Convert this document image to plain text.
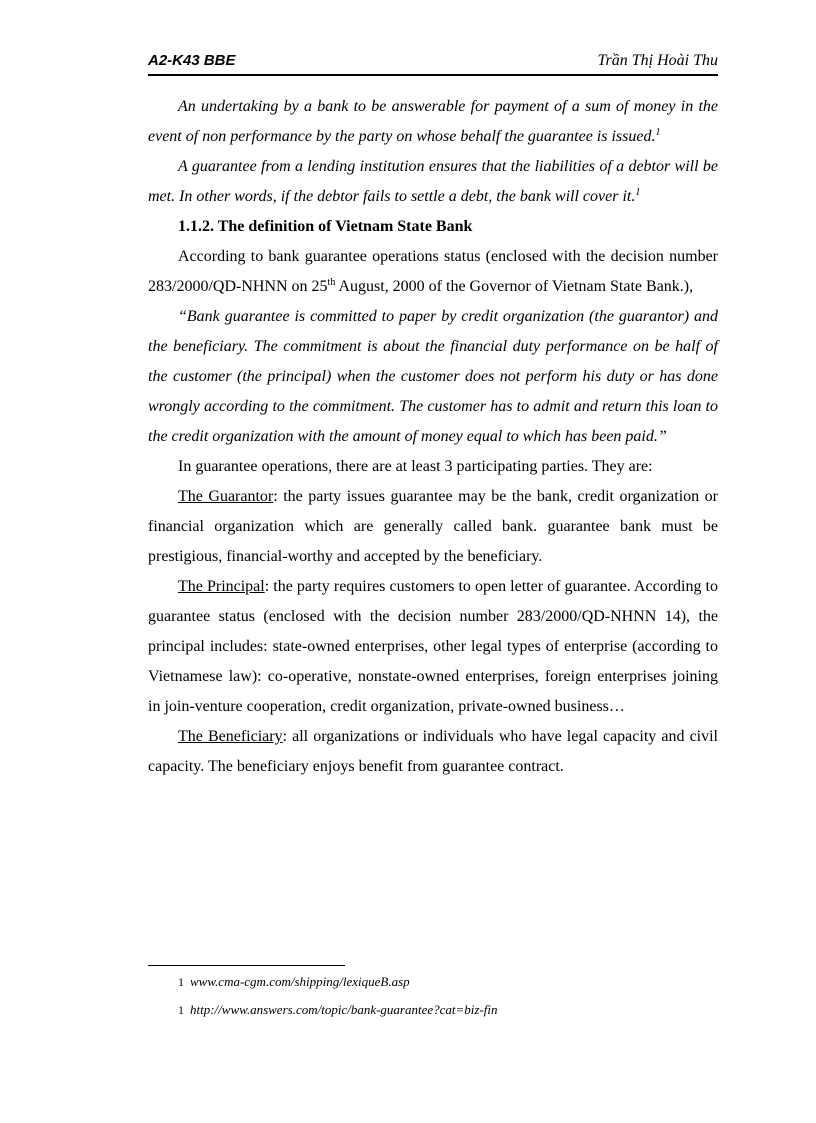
A2-K43 BBE	Trần Thị Hoài Thu

An undertaking by a bank to be answerable for payment of a sum of money in the event of non performance by the party on whose behalf the guarantee is issued.$^1$

A guarantee from a lending institution ensures that the liabilities of a debtor will be met. In other words, if the debtor fails to settle a debt, the bank will cover it.$^1$

1.1.2. The definition of Vietnam State Bank

According to bank guarantee operations status (enclosed with the decision number 283/2000/QD-NHNN on 25th August, 2000 of the Governor of Vietnam State Bank.),

“Bank guarantee is committed to paper by credit organization (the guarantor) and the beneficiary. The commitment is about the financial duty performance on be half of the customer (the principal) when the customer does not perform his duty or has done wrongly according to the commitment. The customer has to admit and return this loan to the credit organization with the amount of money equal to which has been paid.”

In guarantee operations, there are at least 3 participating parties. They are:

The Guarantor: the party issues guarantee may be the bank, credit organization or financial organization which are generally called bank. guarantee bank must be prestigious, financial-worthy and accepted by the beneficiary.

The Principal: the party requires customers to open letter of guarantee. According to guarantee status (enclosed with the decision number 283/2000/QD-NHNN 14), the principal includes: state-owned enterprises, other legal types of enterprise (according to Vietnamese law): co-operative, nonstate-owned enterprises, foreign enterprises joining in join-venture cooperation, credit organization, private-owned business…

The Beneficiary: all organizations or individuals who have legal capacity and civil capacity. The beneficiary enjoys benefit from guarantee contract.

1 www.cma-cgm.com/shipping/lexiqueB.asp
1 http://www.answers.com/topic/bank-guarantee?cat=biz-fin
